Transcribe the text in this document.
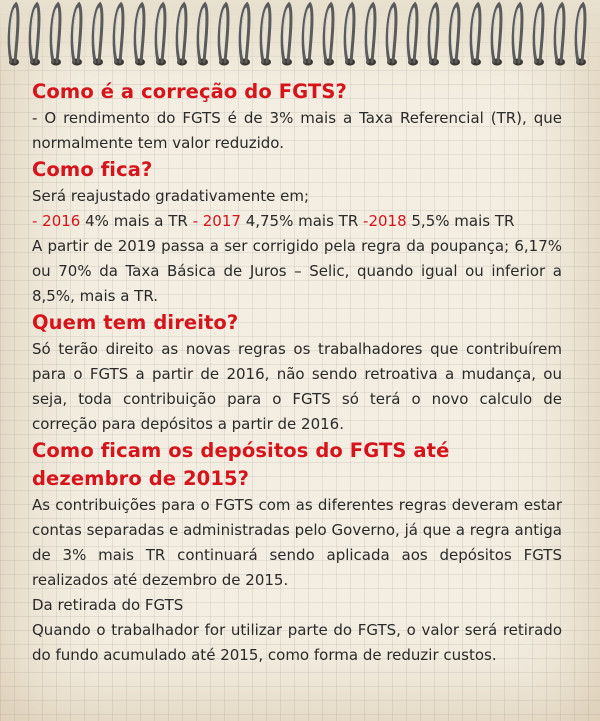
Como é a correção do FGTS?

- O rendimento do FGTS é de 3% mais a Taxa Referencial (TR), que normalmente tem valor reduzido.

Como fica?

Será reajustado gradativamente em;

- 2016 4% mais a TR - 2017 4,75% mais TR -2018 5,5% mais TR

A partir de 2019 passa a ser corrigido pela regra da poupança; 6,17% ou 70% da Taxa Básica de Juros – Selic, quando igual ou inferior a 8,5%, mais a TR.

Quem tem direito?

Só terão direito as novas regras os trabalhadores que contribuírem para o FGTS a partir de 2016, não sendo retroativa a mudança, ou seja, toda contribuição para o FGTS só terá o novo calculo de correção para depósitos a partir de 2016.

Como ficam os depósitos do FGTS até dezembro de 2015?

As contribuições para o FGTS com as diferentes regras deveram estar contas separadas e administradas pelo Governo, já que a regra antiga de 3% mais TR continuará sendo aplicada aos depósitos FGTS realizados até dezembro de 2015.

Da retirada do FGTS

Quando o trabalhador for utilizar parte do FGTS, o valor será retirado do fundo acumulado até 2015, como forma de reduzir custos.
